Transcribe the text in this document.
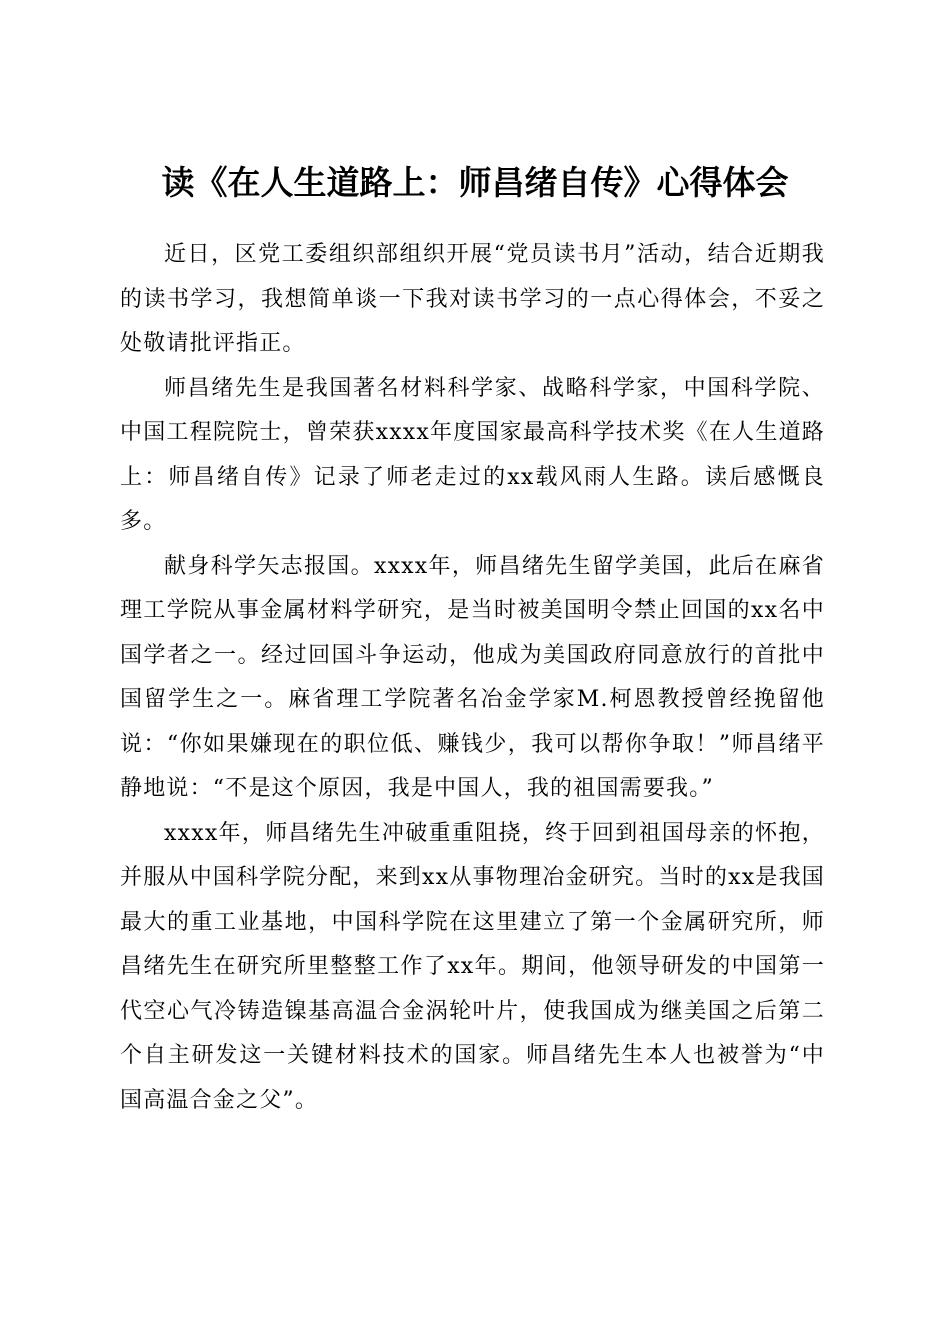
读《在人生道路上：师昌绪自传》心得体会

近日，区党工委组织部组织开展“党员读书月”活动，结合近期我的读书学习，我想简单谈一下我对读书学习的一点心得体会，不妥之处敬请批评指正。

师昌绪先生是我国著名材料科学家、战略科学家，中国科学院、中国工程院院士，曾荣获xxxx年度国家最高科学技术奖《在人生道路上：师昌绪自传》记录了师老走过的xx载风雨人生路。读后感慨良多。

献身科学矢志报国。xxxx年，师昌绪先生留学美国，此后在麻省理工学院从事金属材料学研究，是当时被美国明令禁止回国的xx名中国学者之一。经过回国斗争运动，他成为美国政府同意放行的首批中国留学生之一。麻省理工学院著名冶金学家M.柯恩教授曾经挽留他说：“你如果嫌现在的职位低、赚钱少，我可以帮你争取！”师昌绪平静地说：“不是这个原因，我是中国人，我的祖国需要我。”

xxxx年，师昌绪先生冲破重重阻挠，终于回到祖国母亲的怀抱，并服从中国科学院分配，来到xx从事物理冶金研究。当时的xx是我国最大的重工业基地，中国科学院在这里建立了第一个金属研究所，师昌绪先生在研究所里整整工作了xx年。期间，他领导研发的中国第一代空心气冷铸造镍基高温合金涡轮叶片，使我国成为继美国之后第二个自主研发这一关键材料技术的国家。师昌绪先生本人也被誉为“中国高温合金之父”。
